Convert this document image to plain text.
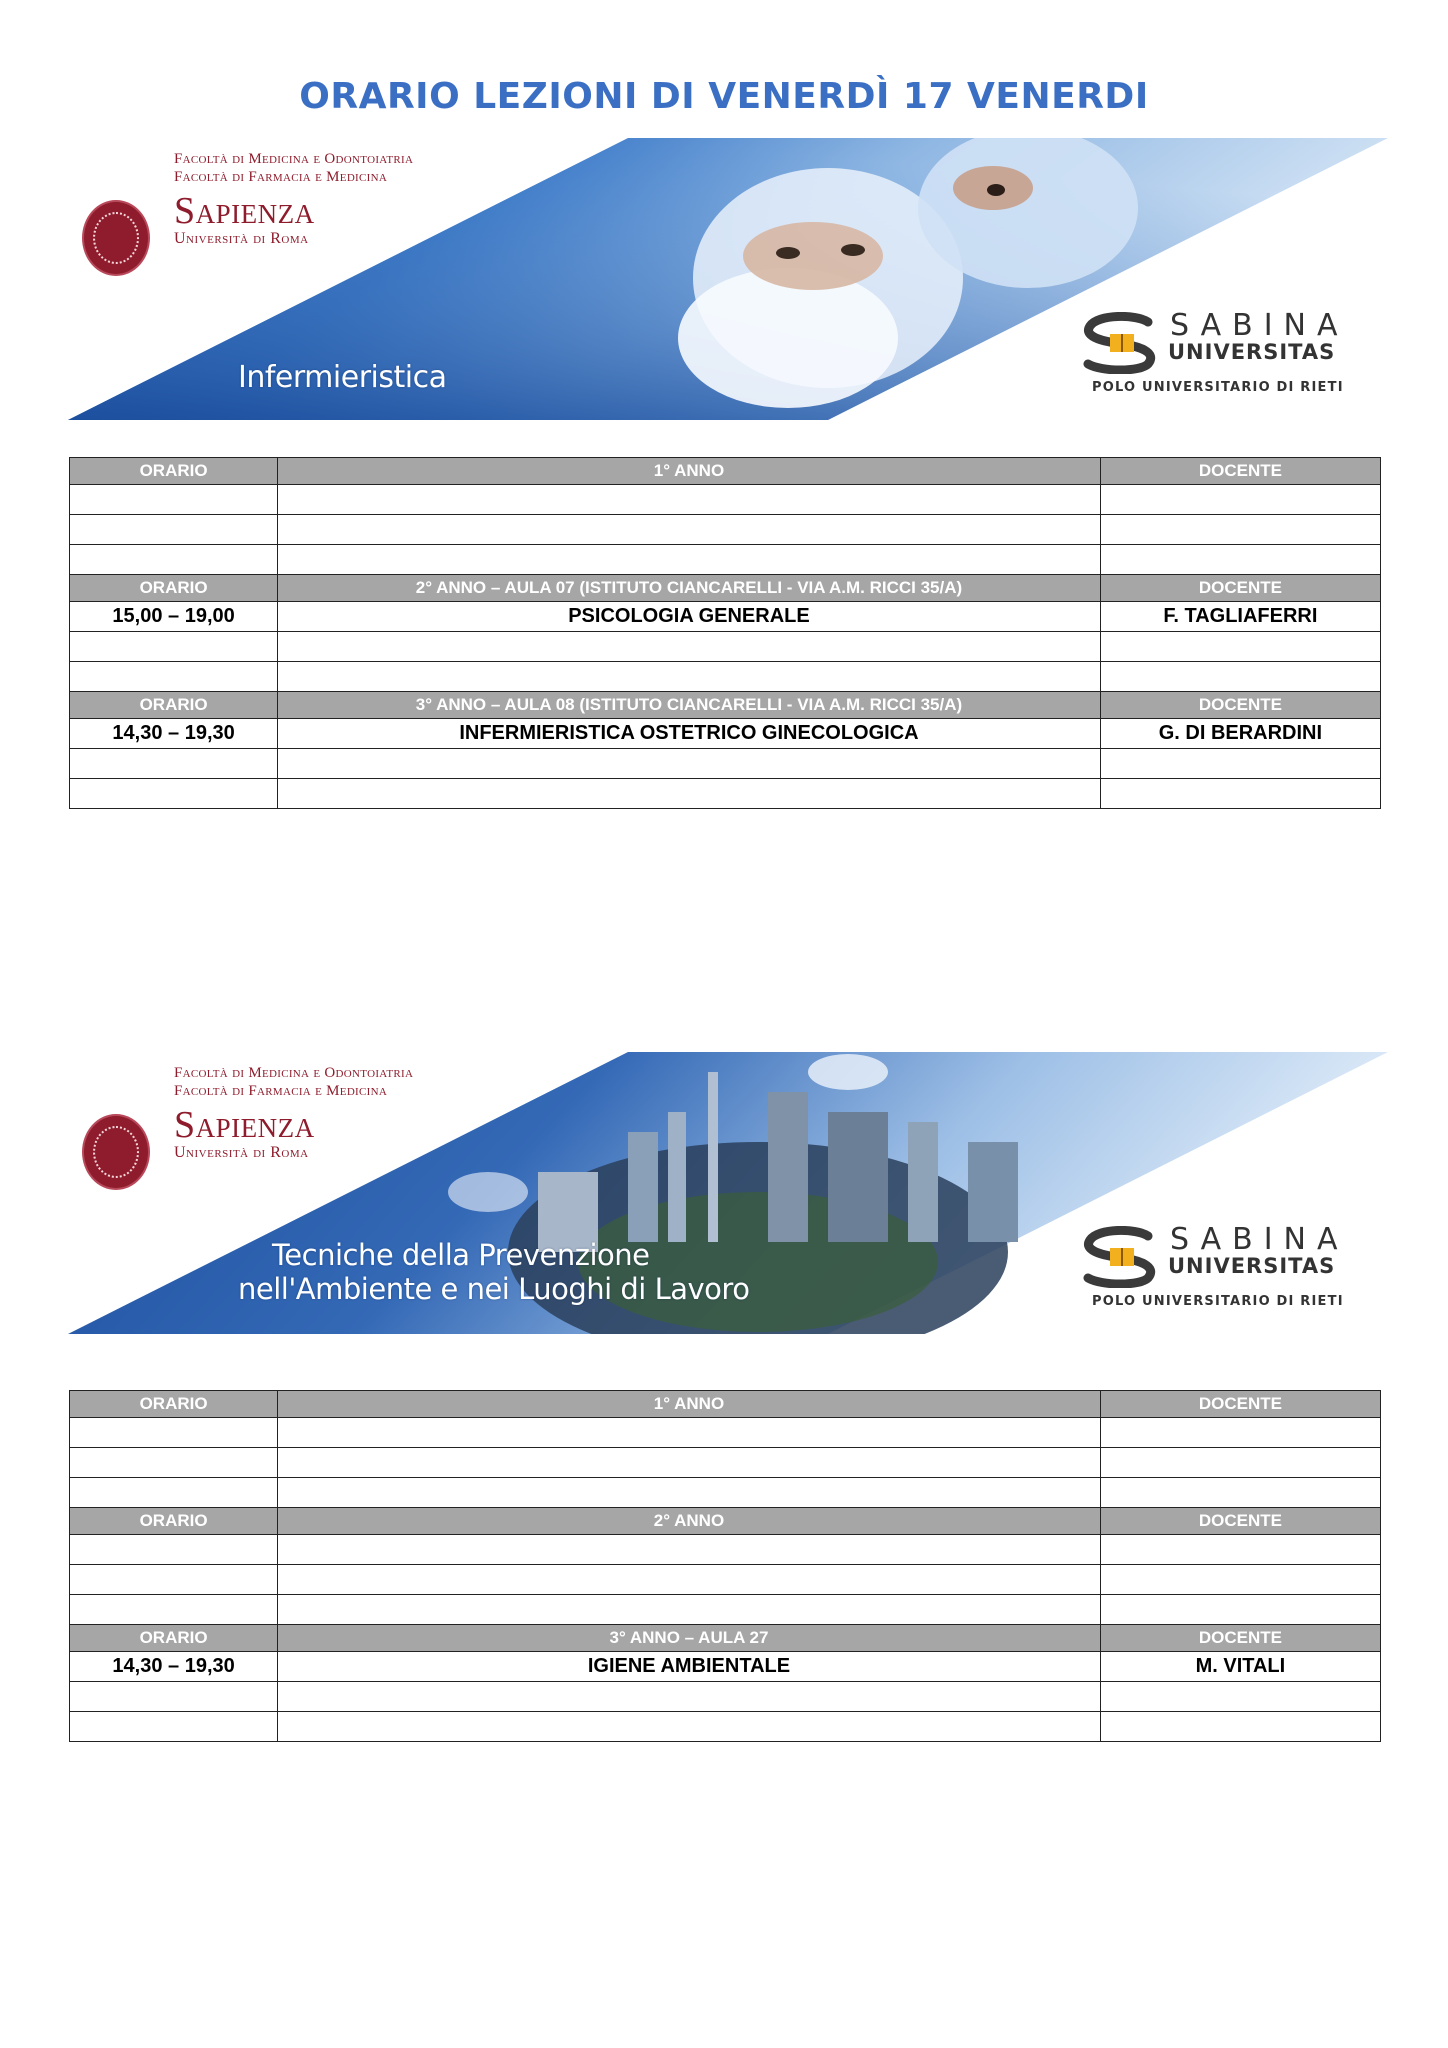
ORARIO LEZIONI DI VENERDÌ 17 VENERDI
Facoltà di Medicina e Odontoiatria
Facoltà di Farmacia e Medicina
Sapienza
Università di Roma
Infermieristica
SABINA
UNIVERSITAS
POLO UNIVERSITARIO DI RIETI
ORARIO	1° ANNO	DOCENTE

ORARIO	2° ANNO – AULA 07 (ISTITUTO CIANCARELLI - VIA A.M. RICCI 35/A)	DOCENTE
15,00 – 19,00	PSICOLOGIA GENERALE	F. TAGLIAFERRI

ORARIO	3° ANNO – AULA 08 (ISTITUTO CIANCARELLI - VIA A.M. RICCI 35/A)	DOCENTE
14,30 – 19,30	INFERMIERISTICA OSTETRICO GINECOLOGICA	G. DI BERARDINI

Facoltà di Medicina e Odontoiatria
Facoltà di Farmacia e Medicina
Sapienza
Università di Roma
Tecniche della Prevenzione
nell'Ambiente e nei Luoghi di Lavoro
SABINA
UNIVERSITAS
POLO UNIVERSITARIO DI RIETI
ORARIO	1° ANNO	DOCENTE

ORARIO	2° ANNO	DOCENTE

ORARIO	3° ANNO – AULA 27	DOCENTE
14,30 – 19,30	IGIENE AMBIENTALE	M. VITALI
